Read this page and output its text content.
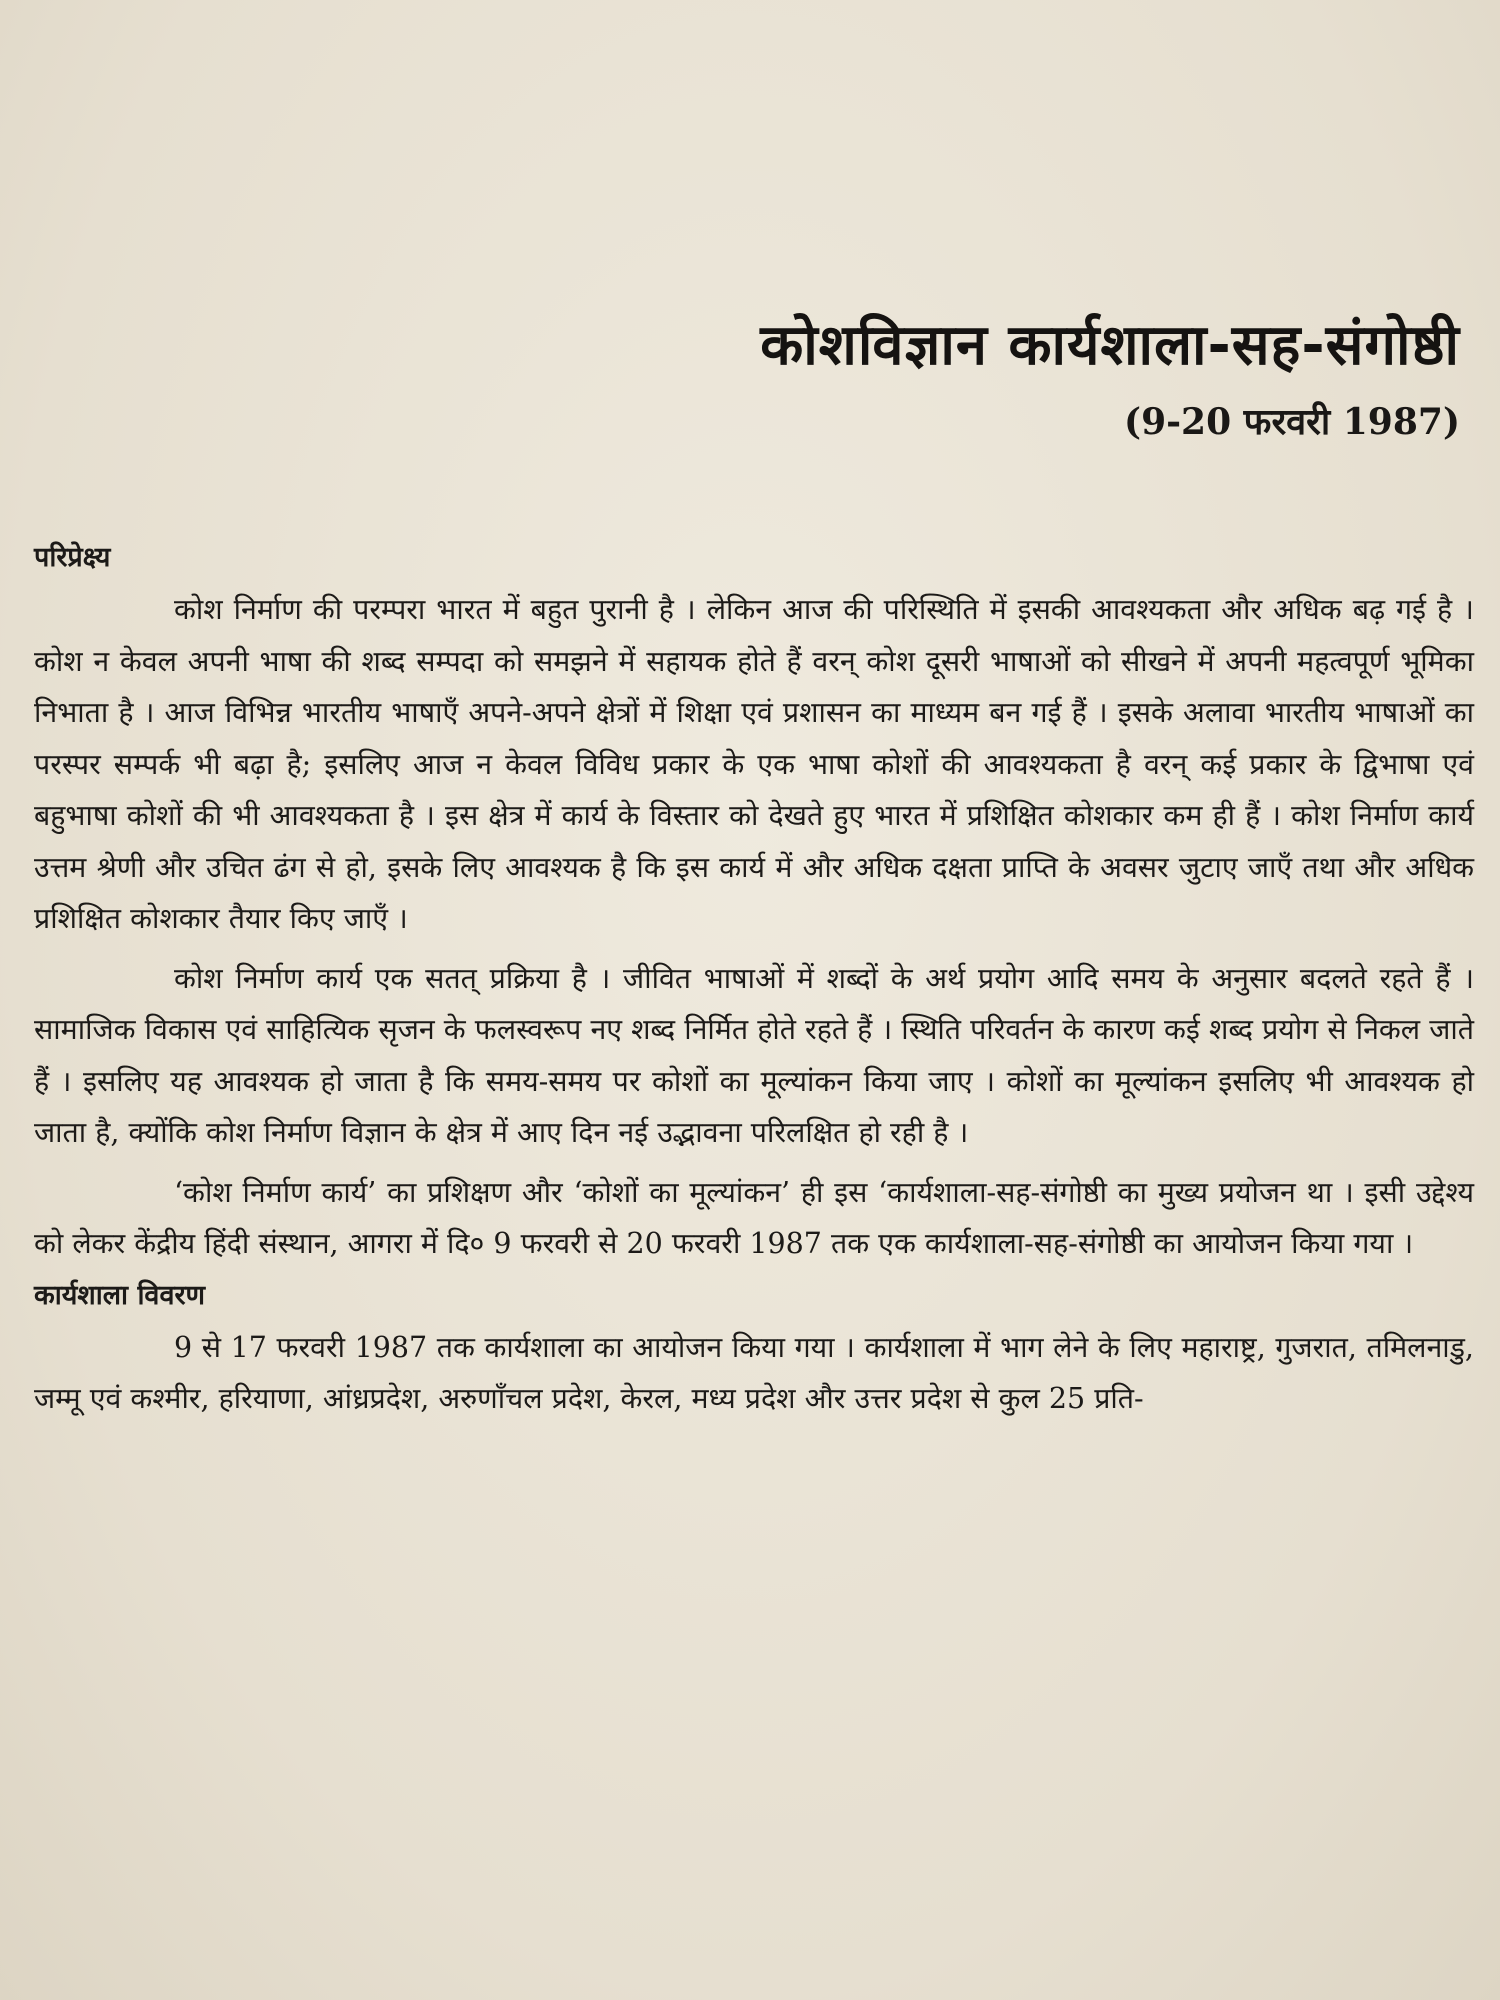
कोशविज्ञान कार्यशाला-सह-संगोष्ठी
(9-20 फरवरी 1987)
परिप्रेक्ष्य

कोश निर्माण की परम्परा भारत में बहुत पुरानी है । लेकिन आज की परिस्थिति में इसकी आवश्यकता और अधिक बढ़ गई है । कोश न केवल अपनी भाषा की शब्द सम्पदा को समझने में सहायक होते हैं वरन् कोश दूसरी भाषाओं को सीखने में अपनी महत्वपूर्ण भूमिका निभाता है । आज विभिन्न भारतीय भाषाएँ अपने-अपने क्षेत्रों में शिक्षा एवं प्रशासन का माध्यम बन गई हैं । इसके अलावा भारतीय भाषाओं का परस्पर सम्पर्क भी बढ़ा है; इसलिए आज न केवल विविध प्रकार के एक भाषा कोशों की आवश्यकता है वरन् कई प्रकार के द्विभाषा एवं बहुभाषा कोशों की भी आवश्यकता है । इस क्षेत्र में कार्य के विस्तार को देखते हुए भारत में प्रशिक्षित कोशकार कम ही हैं । कोश निर्माण कार्य उत्तम श्रेणी और उचित ढंग से हो, इसके लिए आवश्यक है कि इस कार्य में और अधिक दक्षता प्राप्ति के अवसर जुटाए जाएँ तथा और अधिक प्रशिक्षित कोशकार तैयार किए जाएँ ।

कोश निर्माण कार्य एक सतत् प्रक्रिया है । जीवित भाषाओं में शब्दों के अर्थ प्रयोग आदि समय के अनुसार बदलते रहते हैं । सामाजिक विकास एवं साहित्यिक सृजन के फलस्वरूप नए शब्द निर्मित होते रहते हैं । स्थिति परिवर्तन के कारण कई शब्द प्रयोग से निकल जाते हैं । इसलिए यह आवश्यक हो जाता है कि समय-समय पर कोशों का मूल्यांकन किया जाए । कोशों का मूल्यांकन इसलिए भी आवश्यक हो जाता है, क्योंकि कोश निर्माण विज्ञान के क्षेत्र में आए दिन नई उद्भावना परिलक्षित हो रही है ।

‘कोश निर्माण कार्य’ का प्रशिक्षण और ‘कोशों का मूल्यांकन’ ही इस ‘कार्यशाला-सह-संगोष्ठी का मुख्य प्रयोजन था । इसी उद्देश्य को लेकर केंद्रीय हिंदी संस्थान, आगरा में दि० 9 फरवरी से 20 फरवरी 1987 तक एक कार्यशाला-सह-संगोष्ठी का आयोजन किया गया ।

कार्यशाला विवरण

9 से 17 फरवरी 1987 तक कार्यशाला का आयोजन किया गया । कार्यशाला में भाग लेने के लिए महाराष्ट्र, गुजरात, तमिलनाडु, जम्मू एवं कश्मीर, हरियाणा, आंध्रप्रदेश, अरुणाँचल प्रदेश, केरल, मध्य प्रदेश और उत्तर प्रदेश से कुल 25 प्रति-
